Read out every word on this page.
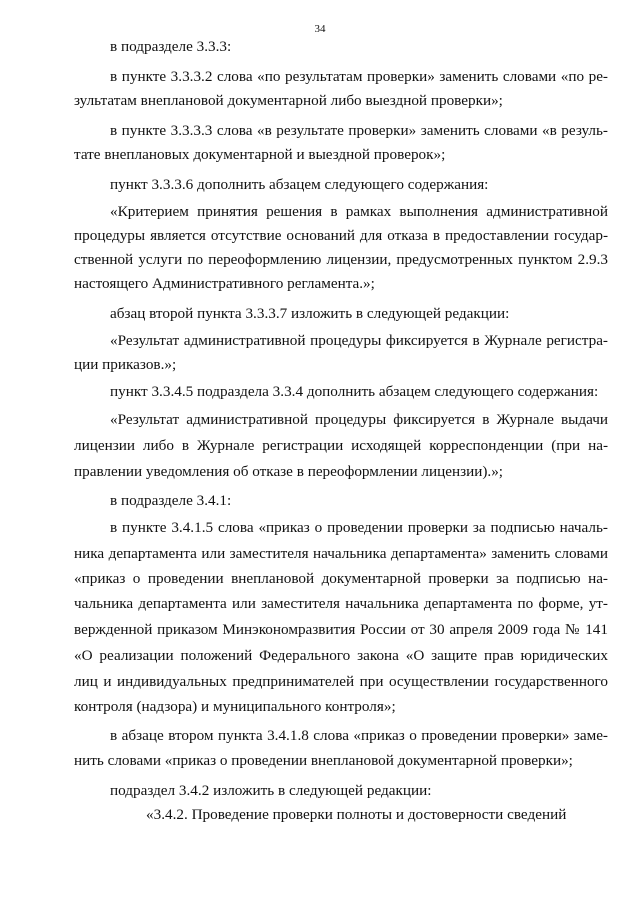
34
в подразделе 3.3.3:
в пункте 3.3.3.2 слова «по результатам проверки» заменить словами «по ре-
зультатам внеплановой документарной либо выездной проверки»;
в пункте 3.3.3.3 слова «в результате проверки» заменить словами «в резуль-
тате внеплановых документарной и выездной проверок»;
пункт 3.3.3.6 дополнить абзацем следующего содержания:
«Критерием принятия решения в рамках выполнения административной
процедуры является отсутствие оснований для отказа в предоставлении государ-
ственной услуги по переоформлению лицензии, предусмотренных пунктом 2.9.3
настоящего Административного регламента.»;
абзац второй пункта 3.3.3.7 изложить в следующей редакции:
«Результат административной процедуры фиксируется в Журнале регистра-
ции приказов.»;
пункт 3.3.4.5 подраздела 3.3.4 дополнить абзацем следующего содержания:
«Результат административной процедуры фиксируется в Журнале выдачи
лицензии либо в Журнале регистрации исходящей корреспонденции (при на-
правлении уведомления об отказе в переоформлении лицензии).»;
в подразделе 3.4.1:
в пункте 3.4.1.5 слова «приказ о проведении проверки за подписью началь-
ника департамента или заместителя начальника департамента» заменить словами
«приказ о проведении внеплановой документарной проверки за подписью на-
чальника департамента или заместителя начальника департамента по форме, ут-
вержденной приказом Минэкономразвития России от 30 апреля 2009 года № 141
«О реализации положений Федерального закона «О защите прав юридических
лиц и индивидуальных предпринимателей при осуществлении государственного
контроля (надзора) и муниципального контроля»;
в абзаце втором пункта 3.4.1.8 слова «приказ о проведении проверки» заме-
нить словами «приказ о проведении внеплановой документарной проверки»;
подраздел 3.4.2 изложить в следующей редакции:
«3.4.2. Проведение проверки полноты и достоверности сведений
